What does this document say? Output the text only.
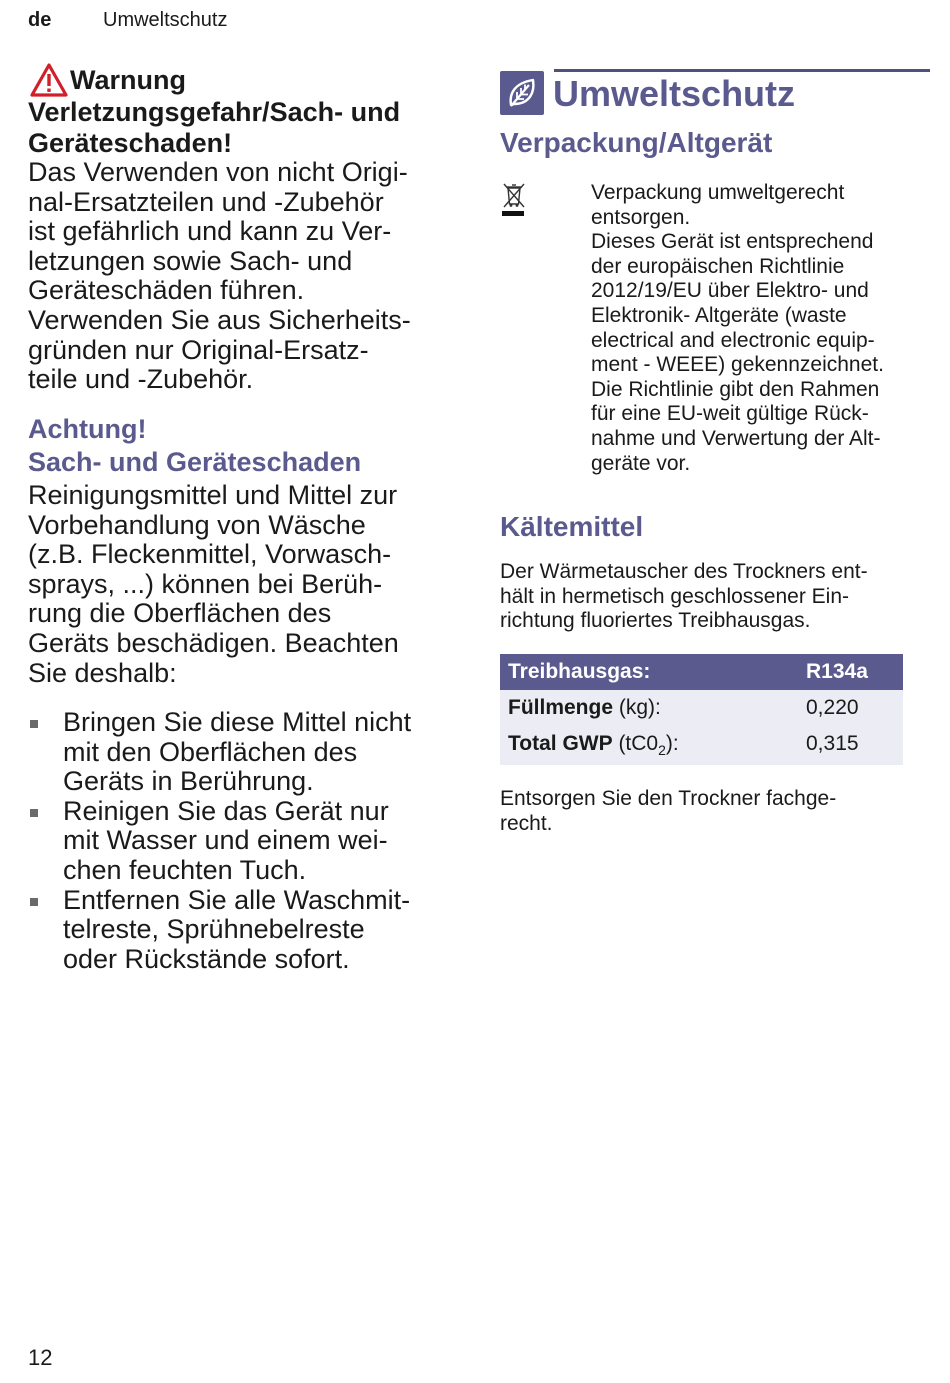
de	Umweltschutz
Warnung
Verletzungsgefahr/Sach- und
Geräteschaden!
Das Verwenden von nicht Origi-
nal-Ersatzteilen und -Zubehör
ist gefährlich und kann zu Ver-
letzungen sowie Sach- und
Geräteschäden führen.
Verwenden Sie aus Sicherheits-
gründen nur Original-Ersatz-
teile und -Zubehör.
Achtung!
Sach- und Geräteschaden
Reinigungsmittel und Mittel zur
Vorbehandlung von Wäsche
(z.B. Fleckenmittel, Vorwasch-
sprays, ...) können bei Berüh-
rung die Oberflächen des
Geräts beschädigen. Beachten
Sie deshalb:
Bringen Sie diese Mittel nicht
mit den Oberflächen des
Geräts in Berührung.
Reinigen Sie das Gerät nur
mit Wasser und einem wei-
chen feuchten Tuch.
Entfernen Sie alle Waschmit-
telreste, Sprühnebelreste
oder Rückstände sofort.
Umweltschutz
Verpackung/Altgerät
Verpackung umweltgerecht
entsorgen.
Dieses Gerät ist entsprechend
der europäischen Richtlinie
2012/19/EU über Elektro- und
Elektronik- Altgeräte (waste
electrical and electronic equip-
ment - WEEE) gekennzeichnet.
Die Richtlinie gibt den Rahmen
für eine EU-weit gültige Rück-
nahme und Verwertung der Alt-
geräte vor.
Kältemittel
Der Wärmetauscher des Trockners ent-
hält in hermetisch geschlossener Ein-
richtung fluoriertes Treibhausgas.
Treibhausgas:	R134a
Füllmenge (kg):	0,220
Total GWP $(tC0_2)$:	0,315
Entsorgen Sie den Trockner fachge-
recht.
12
